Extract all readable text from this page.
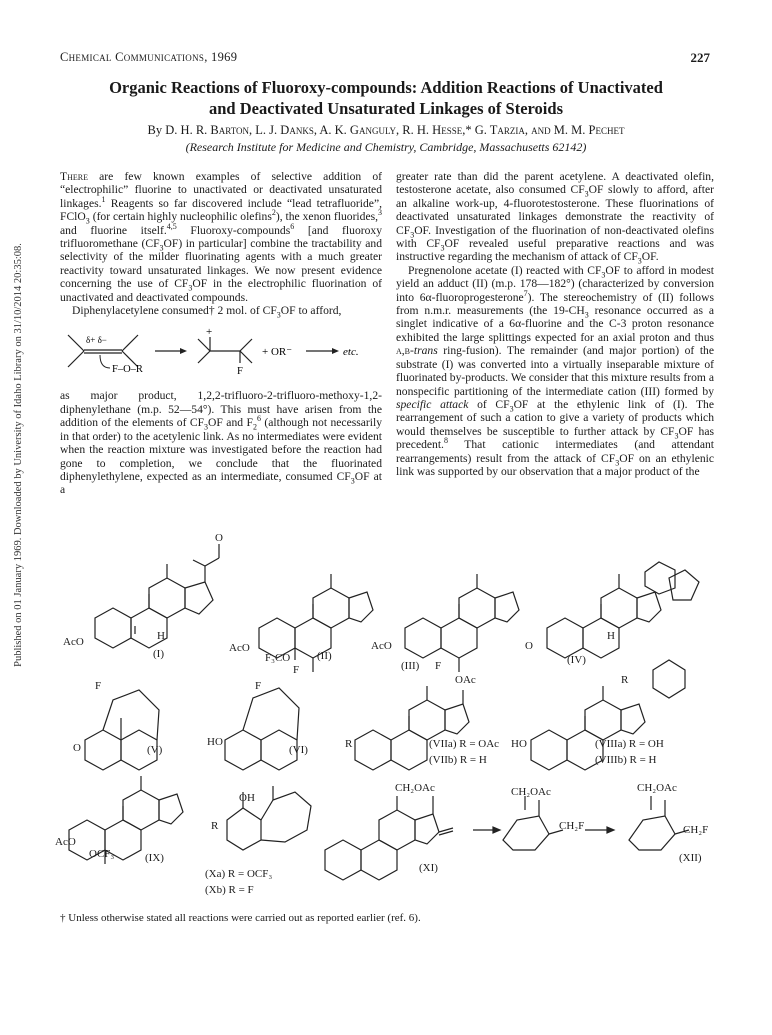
Published on 01 January 1969. Downloaded by University of Idaho Library on 31/10/2014 20:35:08.
Chemical Communications, 1969	227
Organic Reactions of Fluoroxy-compounds: Addition Reactions of Unactivated
and Deactivated Unsaturated Linkages of Steroids
By D. H. R. Barton, L. J. Danks, A. K. Ganguly, R. H. Hesse,* G. Tarzia, and M. M. Pechet
(Research Institute for Medicine and Chemistry, Cambridge, Massachusetts 62142)

There are few known examples of selective addition of “electrophilic” fluorine to unactivated or deactivated unsaturated linkages.$^1$ Reagents so far discovered include “lead tetrafluoride”, FClO$_3$ (for certain highly nucleophilic olefins$^2$), the xenon fluorides,$^3$ and fluorine itself.$^{4,5}$ Fluoroxy-compounds$^6$ [and fluoroxy trifluoromethane $(CF_3OF)$ in particular] combine the tractability and selectivity of the milder fluorinating agents with a much greater reactivity toward unsaturated linkages. We now present evidence concerning the use of $CF_3OF$ in the electrophilic fluorination of unactivated and deactivated compounds.

Diphenylacetylene consumed† 2 mol. of $CF_3OF$ to afford,

δ+ δ−
F–O–R
+
F
+ OR⁻	etc.

as major product, 1,2,2-trifluoro-2-trifluoro-methoxy-1,2-diphenylethane (m.p. 52—54°). This must have arisen from the addition of the elements of $CF_3OF$ and $F_2^6$ (although not necessarily in that order) to the acetylenic link. As no intermediates were evident when the reaction mixture was investigated before the reaction had gone to completion, we conclude that the fluorinated diphenylethylene, expected as an intermediate, consumed $CF_3OF$ at a

greater rate than did the parent acetylene. A deactivated olefin, testosterone acetate, also consumed $CF_3OF$ slowly to afford, after an alkaline work-up, 4-fluorotestosterone. These fluorinations of deactivated unsaturated linkages demonstrate the reactivity of $CF_3OF$. Investigation of the fluorination of non-deactivated olefins with $CF_3OF$ revealed useful preparative reactions and was instructive regarding the mechanism of attack of $CF_3OF$.

Pregnenolone acetate (I) reacted with $CF_3OF$ to afford in modest yield an adduct (II) (m.p. 178—182°) (characterized by conversion into 6α-fluoroprogesterone$^7$). The stereochemistry of (II) follows from n.m.r. measurements (the $19-CH_3$ resonance occurred as a singlet indicative of a 6α-fluorine and the C-3 proton resonance exhibited the large splittings expected for an axial proton and thus a,b-trans ring-fusion). The remainder (and major portion) of the substrate (I) was converted into a virtually inseparable mixture of fluorinated by-products. We consider that this mixture results from a nonspecific partitioning of the intermediate cation (III) formed by specific attack of $CF_3OF$ at the ethylenic link of (I). The rearrangement of such a cation to give a variety of products which would themselves be susceptible to further attack by $CF_3OF$ has precedent.$^8$ That cationic intermediates (and attendant rearrangements) result from the attack of $CF_3OF$ on an ethylenic link was supported by our observation that a major product of the

AcO
O
H
(I)	AcO
F₃CO
F
(II)
AcO
(III) F
O
H
(IV)
F
O	(V)
HO
F
(VI)
OAc
R	(VIIa) R = OAc
(VIIb) R = H
HO
R
(VIIIa) R = OH
(VIIIb) R = H
AcO
OCF₃	(IX)
OH
R
(Xa) R = OCF₃
(Xb) R = F
CH₂OAc
(XI)
CH₂OAc
CH₂F
CH₂OAc
CH₂F
(XII)
† Unless otherwise stated all reactions were carried out as reported earlier (ref. 6).
